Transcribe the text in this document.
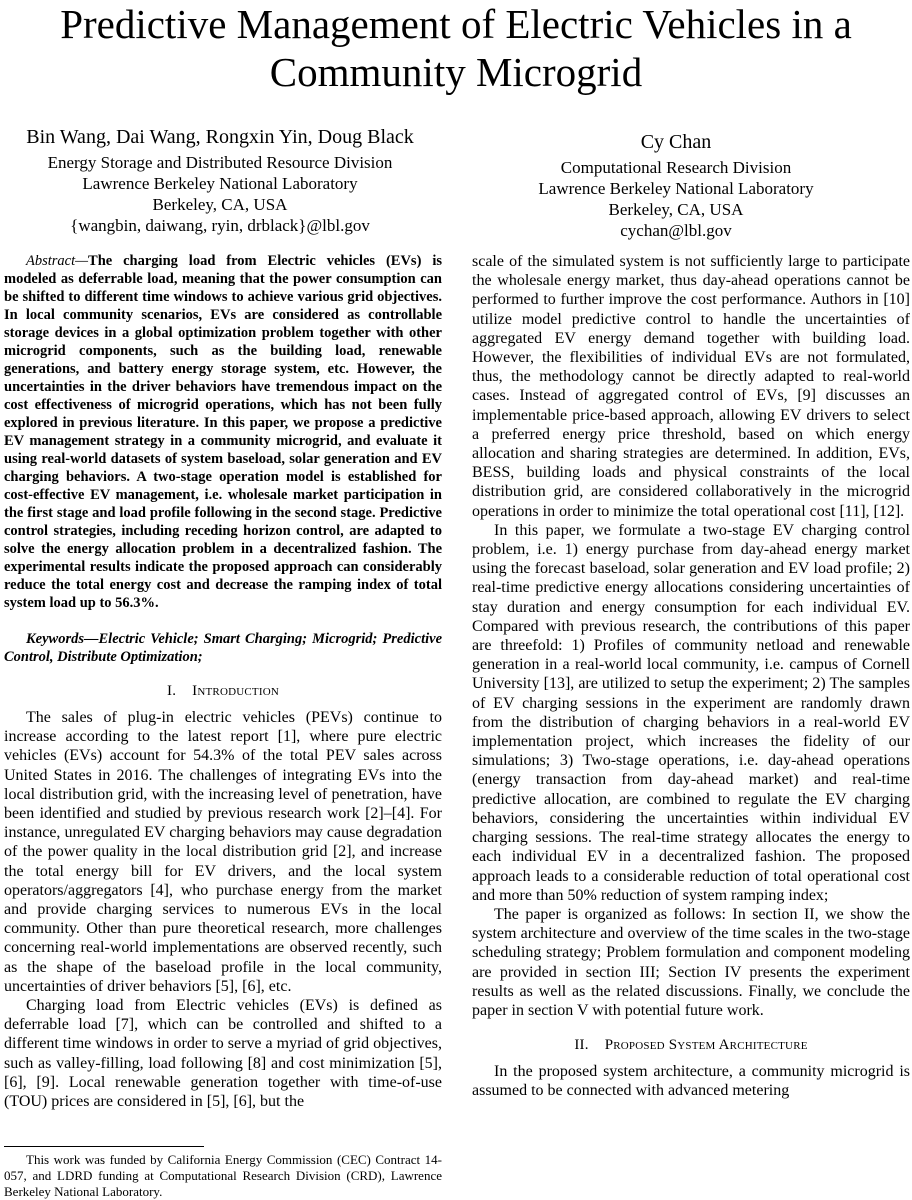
Predictive Management of Electric Vehicles in a
Community Microgrid
Bin Wang, Dai Wang, Rongxin Yin, Doug Black
Energy Storage and Distributed Resource Division
Lawrence Berkeley National Laboratory
Berkeley, CA, USA
{wangbin, daiwang, ryin, drblack}@lbl.gov
Cy Chan
Computational Research Division
Lawrence Berkeley National Laboratory
Berkeley, CA, USA
cychan@lbl.gov

Abstract—The charging load from Electric vehicles (EVs) is modeled as deferrable load, meaning that the power consumption can be shifted to different time windows to achieve various grid objectives. In local community scenarios, EVs are considered as controllable storage devices in a global optimization problem together with other microgrid components, such as the building load, renewable generations, and battery energy storage system, etc. However, the uncertainties in the driver behaviors have tremendous impact on the cost effectiveness of microgrid operations, which has not been fully explored in previous literature. In this paper, we propose a predictive EV management strategy in a community microgrid, and evaluate it using real-world datasets of system baseload, solar generation and EV charging behaviors. A two-stage operation model is established for cost-effective EV management, i.e. wholesale market participation in the first stage and load profile following in the second stage. Predictive control strategies, including receding horizon control, are adapted to solve the energy allocation problem in a decentralized fashion. The experimental results indicate the proposed approach can considerably reduce the total energy cost and decrease the ramping index of total system load up to 56.3%.

Keywords—Electric Vehicle; Smart Charging; Microgrid; Predictive Control, Distribute Optimization;

I. Introduction

The sales of plug-in electric vehicles (PEVs) continue to increase according to the latest report [1], where pure electric vehicles (EVs) account for 54.3% of the total PEV sales across United States in 2016. The challenges of integrating EVs into the local distribution grid, with the increasing level of penetration, have been identified and studied by previous research work [2]–[4]. For instance, unregulated EV charging behaviors may cause degradation of the power quality in the local distribution grid [2], and increase the total energy bill for EV drivers, and the local system operators/aggregators [4], who purchase energy from the market and provide charging services to numerous EVs in the local community. Other than pure theoretical research, more challenges concerning real-world implementations are observed recently, such as the shape of the baseload profile in the local community, uncertainties of driver behaviors [5], [6], etc.

Charging load from Electric vehicles (EVs) is defined as deferrable load [7], which can be controlled and shifted to a different time windows in order to serve a myriad of grid objectives, such as valley-filling, load following [8] and cost minimization [5], [6], [9]. Local renewable generation together with time-of-use (TOU) prices are considered in [5], [6], but the

scale of the simulated system is not sufficiently large to participate the wholesale energy market, thus day-ahead operations cannot be performed to further improve the cost performance. Authors in [10] utilize model predictive control to handle the uncertainties of aggregated EV energy demand together with building load. However, the flexibilities of individual EVs are not formulated, thus, the methodology cannot be directly adapted to real-world cases. Instead of aggregated control of EVs, [9] discusses an implementable price-based approach, allowing EV drivers to select a preferred energy price threshold, based on which energy allocation and sharing strategies are determined. In addition, EVs, BESS, building loads and physical constraints of the local distribution grid, are considered collaboratively in the microgrid operations in order to minimize the total operational cost [11], [12].

In this paper, we formulate a two-stage EV charging control problem, i.e. 1) energy purchase from day-ahead energy market using the forecast baseload, solar generation and EV load profile; 2) real-time predictive energy allocations considering uncertainties of stay duration and energy consumption for each individual EV. Compared with previous research, the contributions of this paper are threefold: 1) Profiles of community netload and renewable generation in a real-world local community, i.e. campus of Cornell University [13], are utilized to setup the experiment; 2) The samples of EV charging sessions in the experiment are randomly drawn from the distribution of charging behaviors in a real-world EV implementation project, which increases the fidelity of our simulations; 3) Two-stage operations, i.e. day-ahead operations (energy transaction from day-ahead market) and real-time predictive allocation, are combined to regulate the EV charging behaviors, considering the uncertainties within individual EV charging sessions. The real-time strategy allocates the energy to each individual EV in a decentralized fashion. The proposed approach leads to a considerable reduction of total operational cost and more than 50% reduction of system ramping index;

The paper is organized as follows: In section II, we show the system architecture and overview of the time scales in the two-stage scheduling strategy; Problem formulation and component modeling are provided in section III; Section IV presents the experiment results as well as the related discussions. Finally, we conclude the paper in section V with potential future work.

II. Proposed System Architecture

In the proposed system architecture, a community microgrid is assumed to be connected with advanced metering

This work was funded by California Energy Commission (CEC) Contract 14-057, and LDRD funding at Computational Research Division (CRD), Lawrence Berkeley National Laboratory.
